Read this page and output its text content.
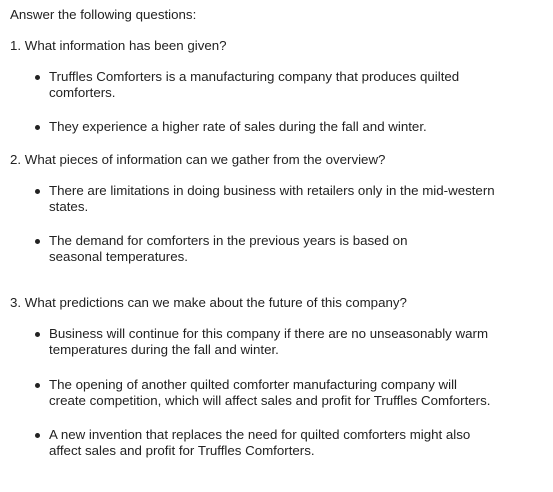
Answer the following questions:
1. What information has been given?
Truffles Comforters is a manufacturing company that produces quilted
comforters.
They experience a higher rate of sales during the fall and winter.
2. What pieces of information can we gather from the overview?
There are limitations in doing business with retailers only in the mid-western
states.
The demand for comforters in the previous years is based on
seasonal temperatures.
3. What predictions can we make about the future of this company?
Business will continue for this company if there are no unseasonably warm
temperatures during the fall and winter.
The opening of another quilted comforter manufacturing company will
create competition, which will affect sales and profit for Truffles Comforters.
A new invention that replaces the need for quilted comforters might also
affect sales and profit for Truffles Comforters.
